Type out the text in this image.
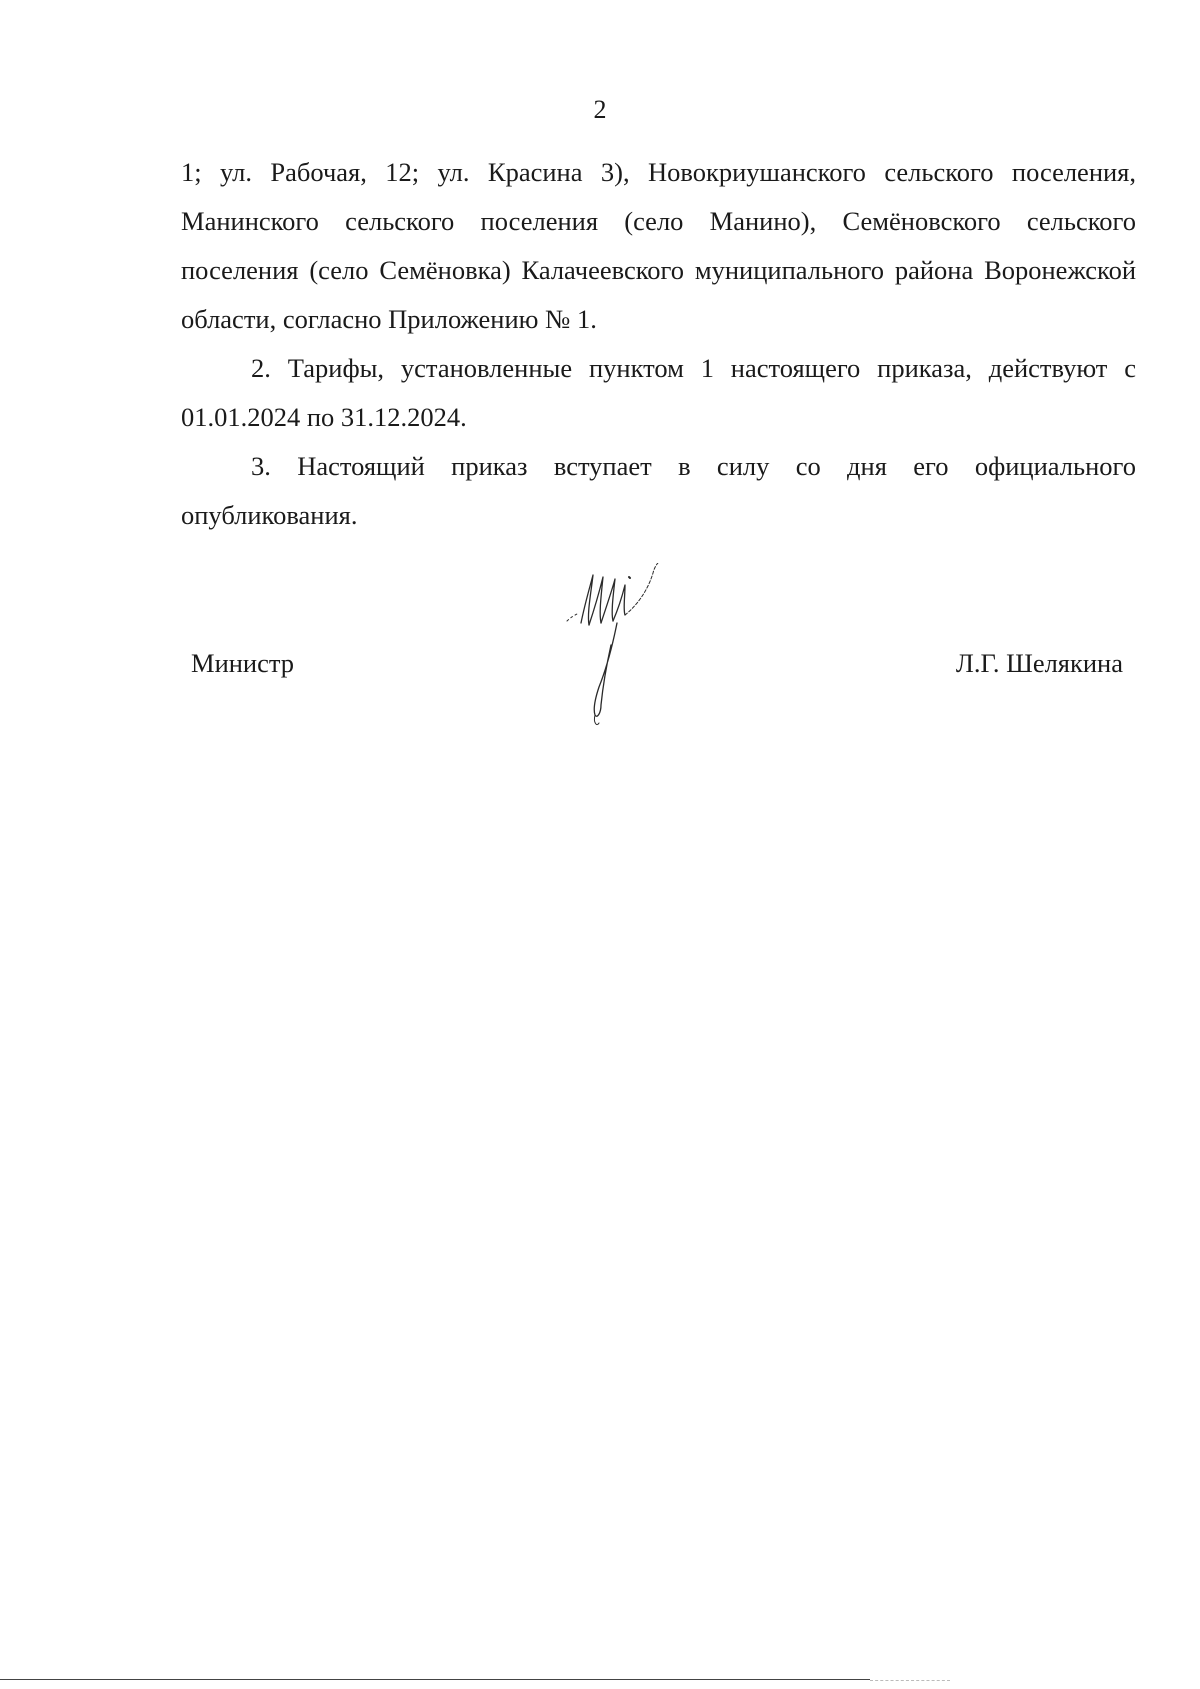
2

1; ул. Рабочая, 12; ул. Красина 3), Новокриушанского сельского поселения, Манинского сельского поселения (село Манино), Семёновского сельского поселения (село Семёновка) Калачеевского муниципального района Воронежской области, согласно Приложению № 1.

2. Тарифы, установленные пунктом 1 настоящего приказа, действуют с 01.01.2024 по 31.12.2024.

3. Настоящий приказ вступает в силу со дня его официального опубликования.

Министр	Л.Г. Шелякина
